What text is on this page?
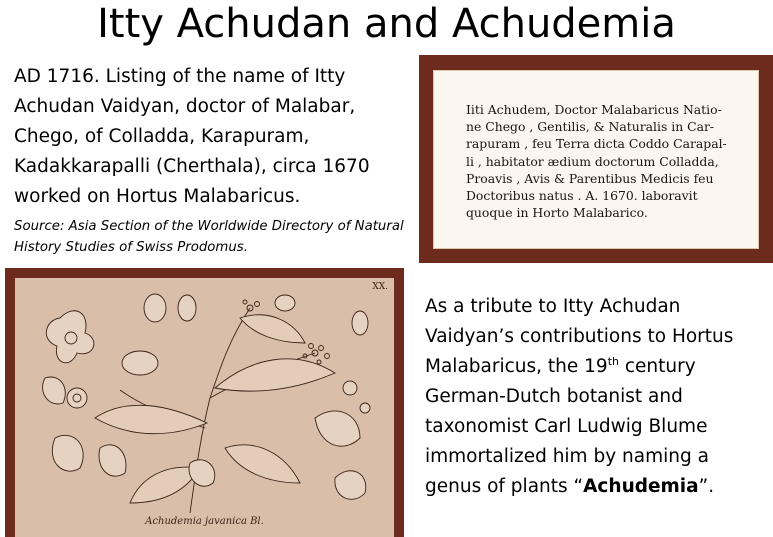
Itty Achudan and Achudemia
AD 1716. Listing of the name of Itty Achudan Vaidyan, doctor of Malabar, Chego, of Colladda, Karapuram, Kadakkarapalli (Cherthala), circa 1670 worked on Hortus Malabaricus.
Source: Asia Section of the Worldwide Directory of Natural History Studies of Swiss Prodomus.
Iiti Achudem, Doctor Malabaricus Natio-
ne Chego , Gentilis, & Naturalis in Car-
rapuram , feu Terra dicta Coddo Carapal-
li , habitator ædium doctorum Colladda,
Proavis , Avis & Parentibus Medicis feu
Doctoribus natus . A. 1670. laboravit
quoque in Horto Malabarico.
XX.
Achudemia javanica Bl.
As a tribute to Itty Achudan Vaidyan’s contributions to Hortus Malabaricus, the 19th century German-Dutch botanist and taxonomist Carl Ludwig Blume immortalized him by naming a genus of plants “Achudemia”.
